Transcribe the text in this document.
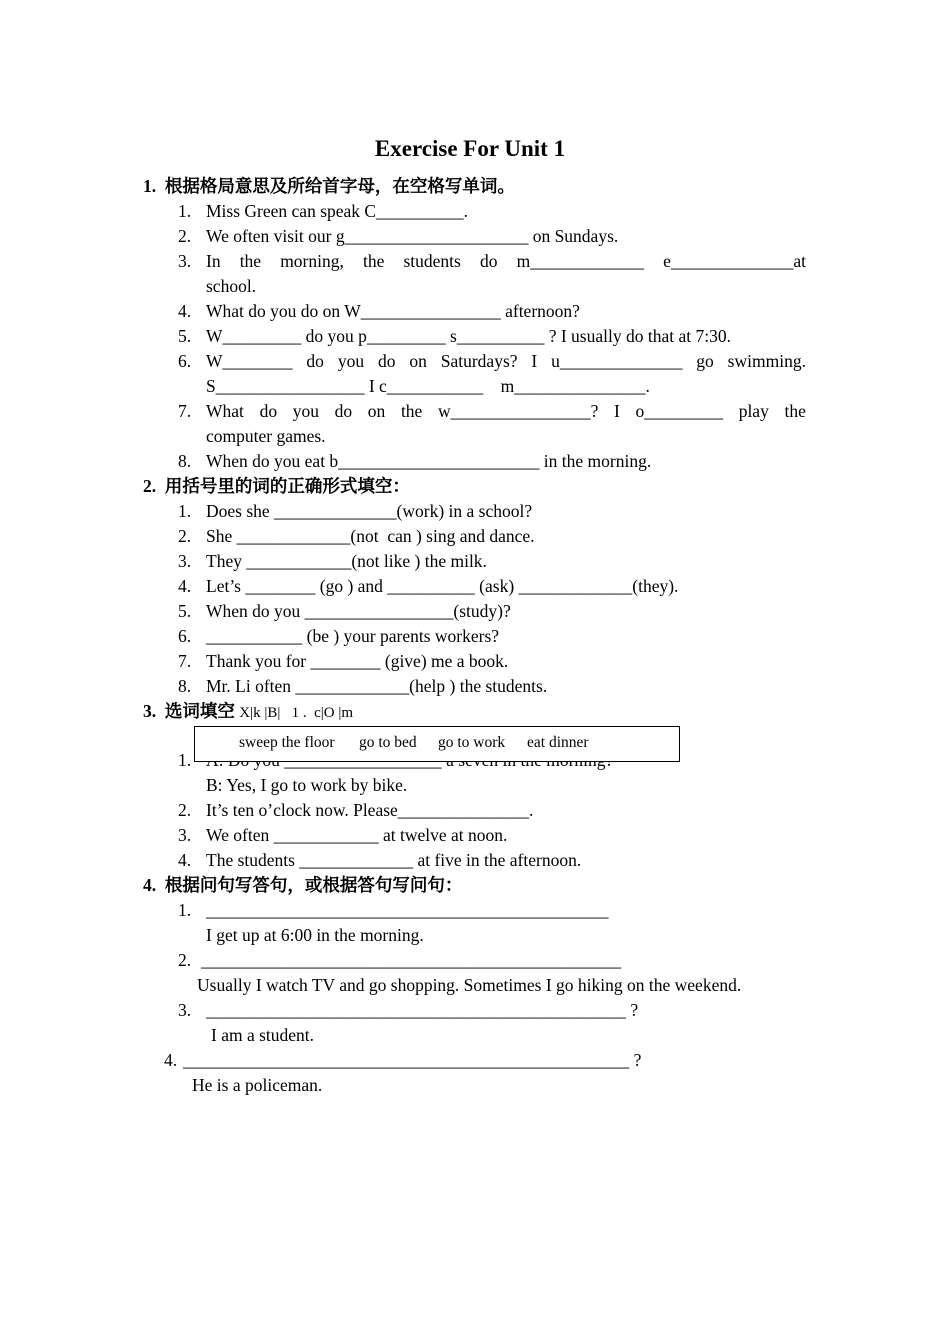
Exercise For Unit 1
1. 根据格局意思及所给首字母，在空格写单词。
1. Miss Green can speak C__________.
2. We often visit our g_____________________ on Sundays.
3. In the morning, the students do m_____________ e______________at
school.
4. What do you do on W________________ afternoon?
5. W_________ do you p_________ s__________ ? I usually do that at 7:30.
6. W________ do you do on Saturdays? I u______________ go swimming.
S_________________ I c___________    m_______________.
7. What do you do on the w________________? I o_________ play the
computer games.
8. When do you eat b_______________________ in the morning.
2. 用括号里的词的正确形式填空：
1. Does she ______________(work) in a school?
2. She _____________(not  can ) sing and dance.
3. They ____________(not like ) the milk.
4. Let’s ________ (go ) and __________ (ask) _____________(they).
5. When do you _________________(study)?
6. ___________ (be ) your parents workers?
7. Thank you for ________ (give) me a book.
8. Mr. Li often _____________(help ) the students.
3. 选词填空 X|k |B|   1 .  c|O |m
1.
B: Yes, I go to work by bike.
sweep the floor go to bed go to work eat dinner
2. It’s ten o’clock now. Please_______________.
3. We often ____________ at twelve at noon.
4. The students _____________ at five in the afternoon.
4. 根据问句写答句，或根据答句写问句：
1. ______________________________________________
I get up at 6:00 in the morning.
2. ________________________________________________
Usually I watch TV and go shopping. Sometimes I go hiking on the weekend.
3. ________________________________________________ ?
I am a student.
4. ___________________________________________________ ?
He is a policeman.
